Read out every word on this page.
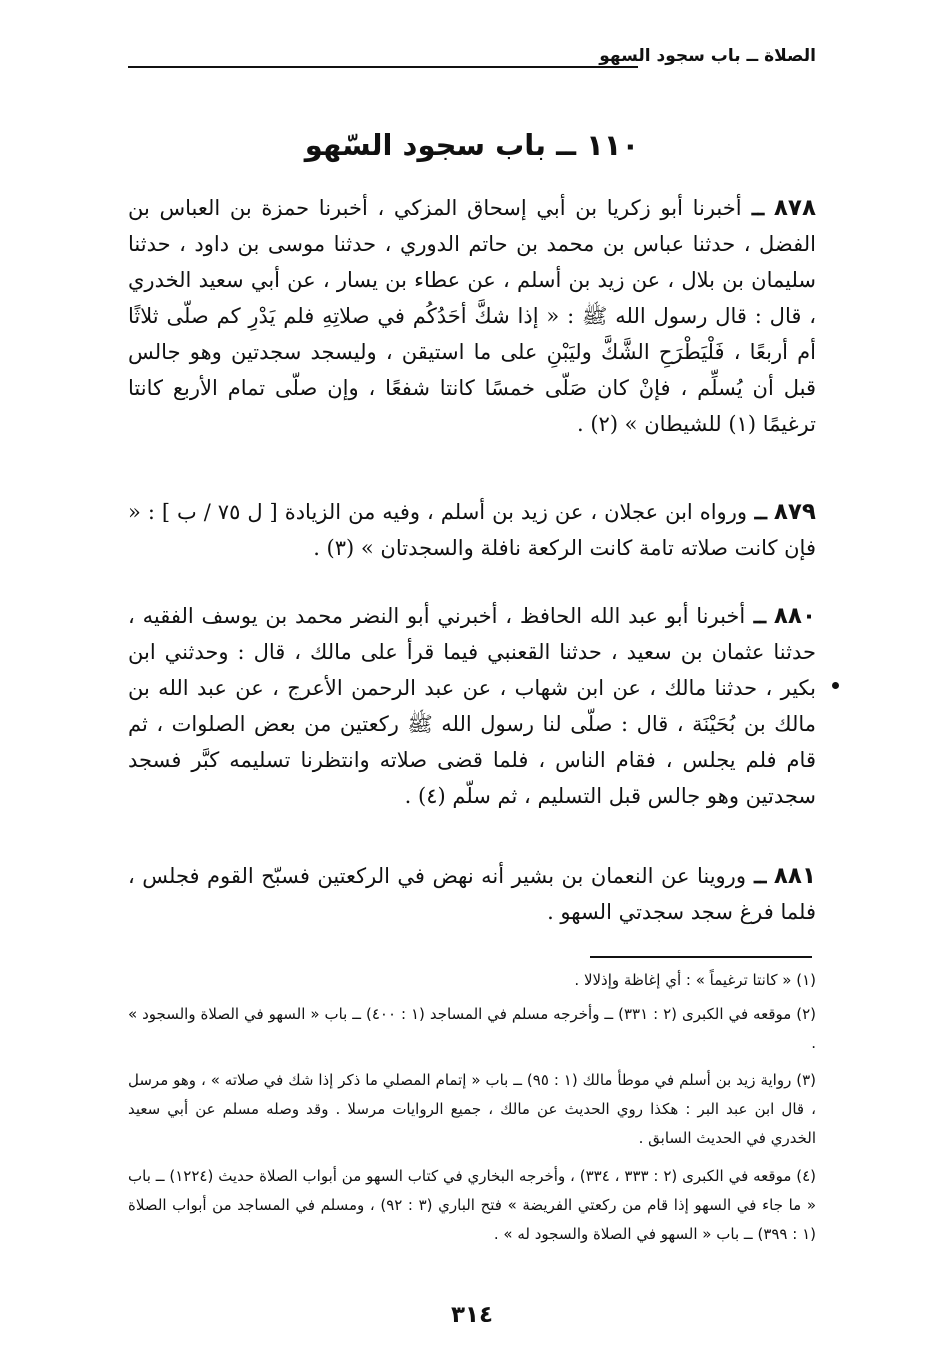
الصلاة ــ باب سجود السهو
١١٠ ــ باب سجود السّهو
٨٧٨ ــ أخبرنا أبو زكريا بن أبي إسحاق المزكي ، أخبرنا حمزة بن العباس بن الفضل ، حدثنا عباس بن محمد بن حاتم الدوري ، حدثنا موسى بن داود ، حدثنا سليمان بن بلال ، عن زيد بن أسلم ، عن عطاء بن يسار ، عن أبي سعيد الخدري ، قال : قال رسول الله ﷺ : « إذا شكَّ أحَدُكُم في صلاتِهِ فلم يَدْرِ كم صلّى ثلاثًا أم أربعًا ، فَلْيَطْرَحِ الشَّكَّ وليَبْنِ على ما استيقن ، وليسجد سجدتين وهو جالس قبل أن يُسلِّم ، فإنْ كان صَلّى خمسًا كانتا شفعًا ، وإن صلّى تمام الأربع كانتا ترغيمًا (١) للشيطان » (٢) .
٨٧٩ ــ ورواه ابن عجلان ، عن زيد بن أسلم ، وفيه من الزيادة [ ل ٧٥ / ب ] : « فإن كانت صلاته تامة كانت الركعة نافلة والسجدتان » (٣) .
٨٨٠ ــ أخبرنا أبو عبد الله الحافظ ، أخبرني أبو النضر محمد بن يوسف الفقيه ، حدثنا عثمان بن سعيد ، حدثنا القعنبي فيما قرأ على مالك ، قال : وحدثني ابن بكير ، حدثنا مالك ، عن ابن شهاب ، عن عبد الرحمن الأعرج ، عن عبد الله بن مالك بن بُحَيْنَة ، قال : صلّى لنا رسول الله ﷺ ركعتين من بعض الصلوات ، ثم قام فلم يجلس ، فقام الناس ، فلما قضى صلاته وانتظرنا تسليمه كبَّر فسجد سجدتين وهو جالس قبل التسليم ، ثم سلّم (٤) .
٨٨١ ــ وروينا عن النعمان بن بشير أنه نهض في الركعتين فسبّح القوم فجلس ، فلما فرغ سجد سجدتي السهو .
(١) « كانتا ترغيماً » : أي إغاظة وإذلالا .
(٢) موقعه في الكبرى (٢ : ٣٣١) ــ وأخرجه مسلم في المساجد (١ : ٤٠٠) ــ باب « السهو في الصلاة والسجود » .
(٣) رواية زيد بن أسلم في موطأ مالك (١ : ٩٥) ــ باب « إتمام المصلي ما ذكر إذا شك في صلاته » ، وهو مرسل ، قال ابن عبد البر : هكذا روي الحديث عن مالك ، جميع الروايات مرسلا . وقد وصله مسلم عن أبي سعيد الخدري في الحديث السابق .
(٤) موقعه في الكبرى (٢ : ٣٣٣ ، ٣٣٤) ، وأخرجه البخاري في كتاب السهو من أبواب الصلاة حديث (١٢٢٤) ــ باب « ما جاء في السهو إذا قام من ركعتي الفريضة » فتح الباري (٣ : ٩٢) ، ومسلم في المساجد من أبواب الصلاة (١ : ٣٩٩) ــ باب « السهو في الصلاة والسجود له » .
٣١٤
